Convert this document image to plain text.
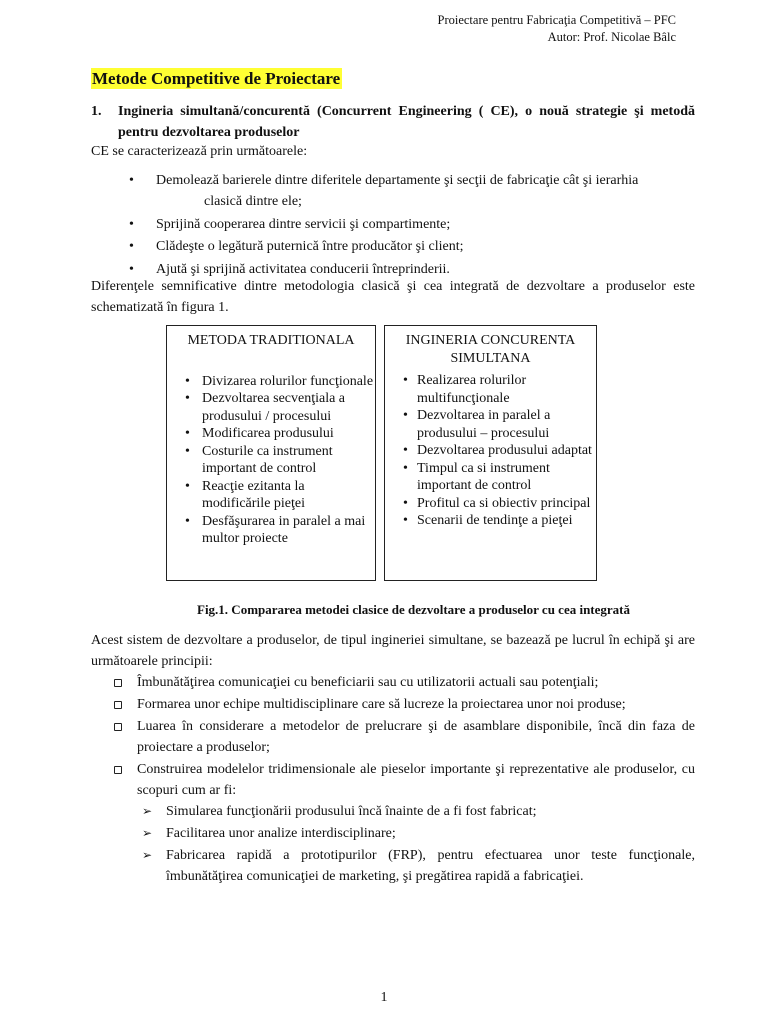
Proiectare pentru Fabricaţia Competitivă – PFC
Autor: Prof. Nicolae Bâlc
Metode Competitive de Proiectare
1. Ingineria simultană/concurentă (Concurrent Engineering ( CE), o nouă strategie şi metodă pentru dezvoltarea produselor
CE se caracterizează prin următoarele:
• Demolează barierele dintre diferitele departamente şi secţii de fabricaţie cât şi ierarhia
clasică dintre ele;
• Sprijină cooperarea dintre servicii şi compartimente;
• Clădeşte o legătură puternică între producător şi client;
• Ajută şi sprijină activitatea conducerii întreprinderii.
Diferenţele semnificative dintre metodologia clasică şi cea integrată de dezvoltare a produselor este schematizată în figura 1.
METODA TRADITIONALA
• Divizarea rolurilor funcţionale
• Dezvoltarea secvenţiala a produsului / procesului
• Modificarea produsului
• Costurile ca instrument important de control
• Reacţie ezitanta la modificările pieţei
• Desfăşurarea in paralel a mai multor proiecte
INGINERIA CONCURENTA SIMULTANA
• Realizarea rolurilor multifuncţionale
• Dezvoltarea in paralel a produsului – procesului
• Dezvoltarea produsului adaptat
• Timpul ca si instrument important de control
• Profitul ca si obiectiv principal
• Scenarii de tendinţe a pieţei
Fig.1. Compararea metodei clasice de dezvoltare a produselor cu cea integrată
Acest sistem de dezvoltare a produselor, de tipul ingineriei simultane, se bazează pe lucrul în echipă şi are următoarele principii:
Îmbunătăţirea comunicaţiei cu beneficiarii sau cu utilizatorii actuali sau potenţiali;
Formarea unor echipe multidisciplinare care să lucreze la proiectarea unor noi produse;
Luarea în considerare a metodelor de prelucrare şi de asamblare disponibile, încă din faza de proiectare a produselor;
Construirea modelelor tridimensionale ale pieselor importante şi reprezentative ale produselor, cu scopuri cum ar fi:
➢ Simularea funcţionării produsului încă înainte de a fi fost fabricat;
➢ Facilitarea unor analize interdisciplinare;
➢ Fabricarea rapidă a prototipurilor (FRP), pentru efectuarea unor teste funcţionale, îmbunătăţirea comunicaţiei de marketing, şi pregătirea rapidă a fabricaţiei.
1
